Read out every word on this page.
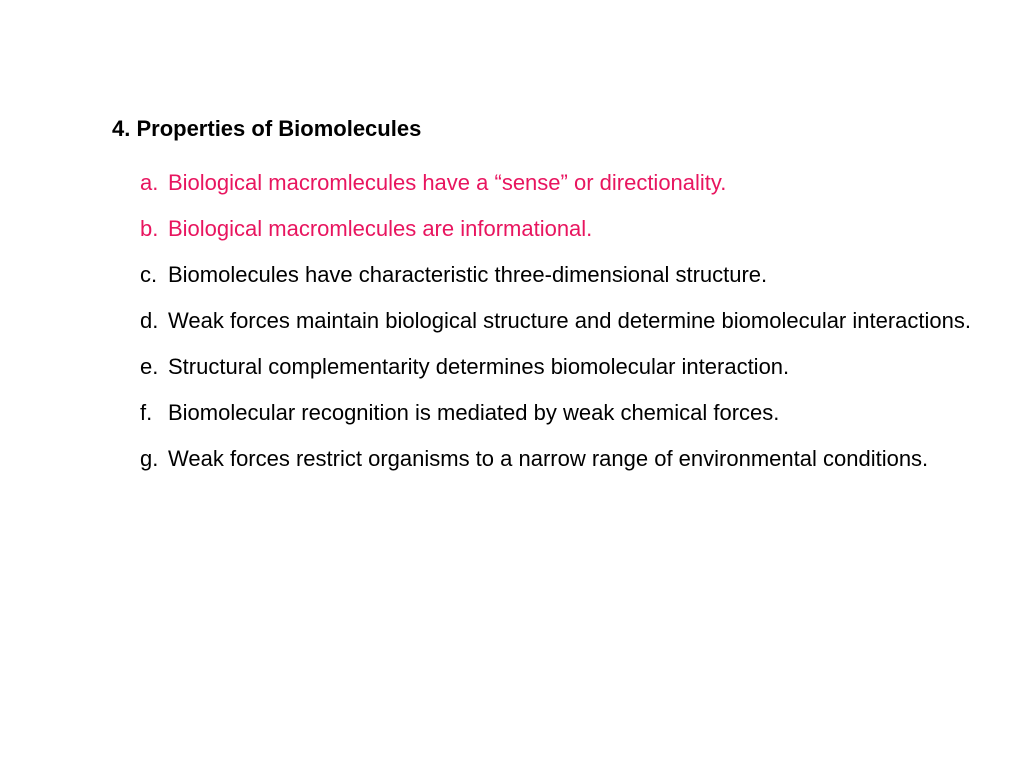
4. Properties of Biomolecules
a. Biological macromlecules have a “sense” or directionality.
b. Biological macromlecules are informational.
c. Biomolecules have characteristic three-dimensional structure.
d. Weak forces maintain biological structure and determine biomolecular interactions.
e. Structural complementarity determines biomolecular interaction.
f. Biomolecular recognition is mediated by weak chemical forces.
g. Weak forces restrict organisms to a narrow range of environmental conditions.
